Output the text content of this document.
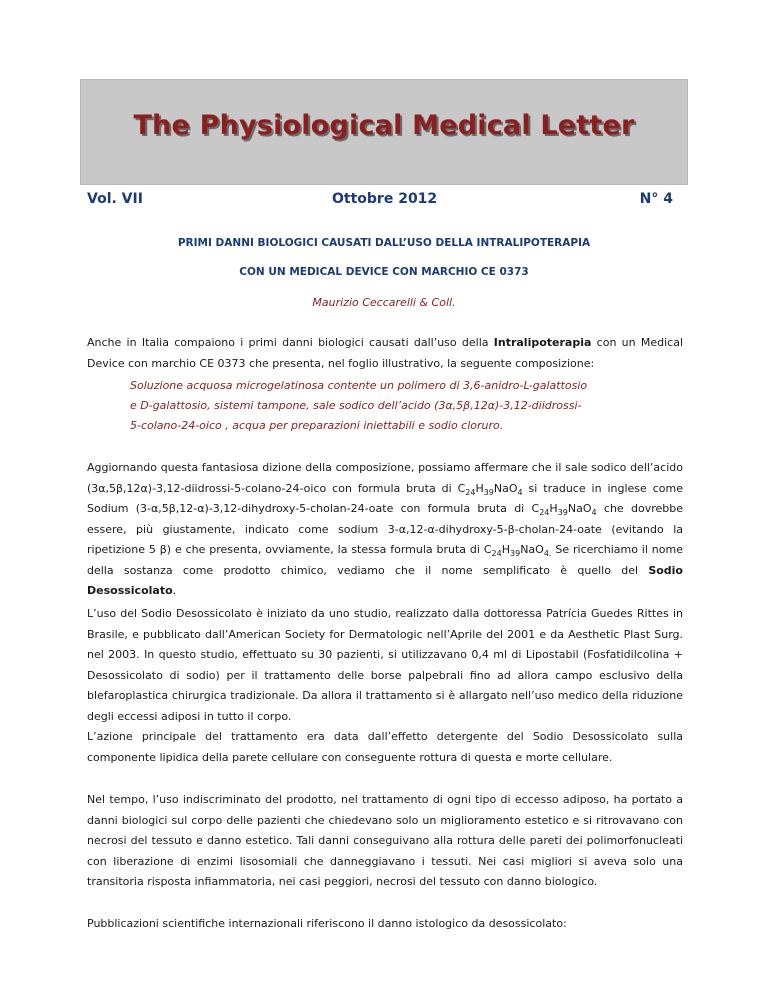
The Physiological Medical Letter
Vol. VII	Ottobre 2012	N° 4
PRIMI DANNI BIOLOGICI CAUSATI DALL’USO DELLA INTRALIPOTERAPIA
CON UN MEDICAL DEVICE CON MARCHIO CE 0373
Maurizio Ceccarelli & Coll.

Anche in Italia compaiono i primi danni biologici causati dall’uso della Intralipoterapia con un Medical Device con marchio CE 0373 che presenta, nel foglio illustrativo, la seguente composizione:

Soluzione acquosa microgelatinosa contente un polimero di 3,6-anidro-L-galattosio
e D-galattosio, sistemi tampone, sale sodico dell’acido (3α,5β,12α)-3,12-diidrossi-
5-colano-24-oico , acqua per preparazioni iniettabili e sodio cloruro.

Aggiornando questa fantasiosa dizione della composizione, possiamo affermare che il sale sodico dell’acido (3α,5β,12α)-3,12-diidrossi-5-colano-24-oico con formula bruta di $C_{24}H_{39}NaO_4$ si traduce in inglese come Sodium (3-α,5β,12-α)-3,12-dihydroxy-5-cholan-24-oate con formula bruta di $C_{24}H_{39}NaO_4$ che dovrebbe essere, più giustamente, indicato come sodium 3-α,12-α-dihydroxy-5-β-cholan-24-oate (evitando la ripetizione 5 β) e che presenta, ovviamente, la stessa formula bruta di $C_{24}H_{39}NaO_{4.}$ Se ricerchiamo il nome della sostanza come prodotto chimico, vediamo che il nome semplificato è quello del Sodio Desossicolato.

L’uso del Sodio Desossicolato è iniziato da uno studio, realizzato dalla dottoressa Patrícia Guedes Rittes in Brasile, e pubblicato dall’American Society for Dermatologic nell’Aprile del 2001 e da Aesthetic Plast Surg. nel 2003. In questo studio, effettuato su 30 pazienti, si utilizzavano 0,4 ml di Lipostabil (Fosfatidilcolina + Desossicolato di sodio) per il trattamento delle borse palpebrali fino ad allora campo esclusivo della blefaroplastica chirurgica tradizionale. Da allora il trattamento si è allargato nell’uso medico della riduzione degli eccessi adiposi in tutto il corpo.

L’azione principale del trattamento era data dall’effetto detergente del Sodio Desossicolato sulla componente lipidica della parete cellulare con conseguente rottura di questa e morte cellulare.

Nel tempo, l’uso indiscriminato del prodotto, nel trattamento di ogni tipo di eccesso adiposo, ha portato a danni biologici sul corpo delle pazienti che chiedevano solo un miglioramento estetico e si ritrovavano con necrosi del tessuto e danno estetico. Tali danni conseguivano alla rottura delle pareti dei polimorfonucleati con liberazione di enzimi lisosomiali che danneggiavano i tessuti. Nei casi migliori si aveva solo una transitoria risposta infiammatoria, nei casi peggiori, necrosi del tessuto con danno biologico.

Pubblicazioni scientifiche internazionali riferiscono il danno istologico da desossicolato:
